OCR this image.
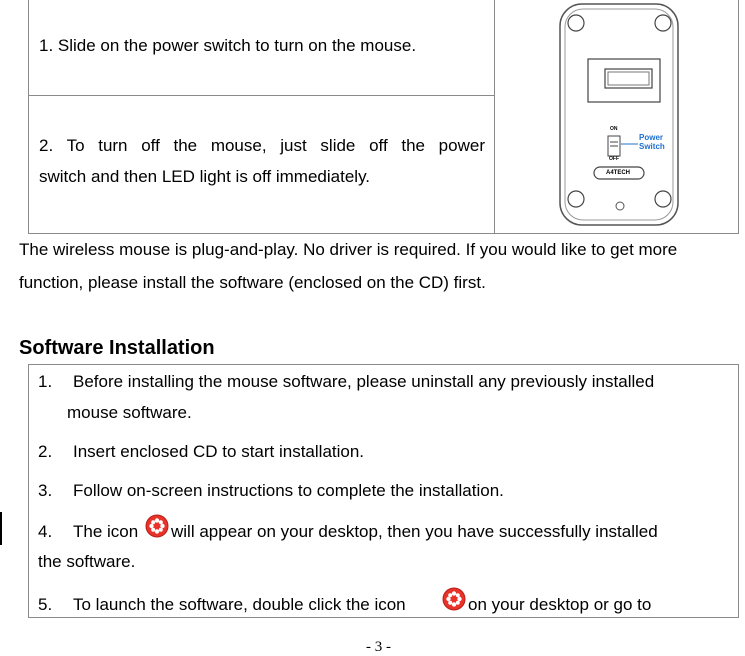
1. Slide on the power switch to turn on the mouse.
2. To turn off the mouse, just slide off the power
switch and then LED light is off immediately.
ON
OFF
Power
Switch
A4TECH
The wireless mouse is plug-and-play. No driver is required. If you would like to get more
function, please install the software (enclosed on the CD) first.
Software Installation
1. Before installing the mouse software, please uninstall any previously installed
mouse software.
2. Insert enclosed CD to start installation.
3. Follow on-screen instructions to complete the installation.
4. The icon will appear on your desktop, then you have successfully installed
the software.
5. To launch the software, double click the icon	on your desktop or go to
- 3 -
